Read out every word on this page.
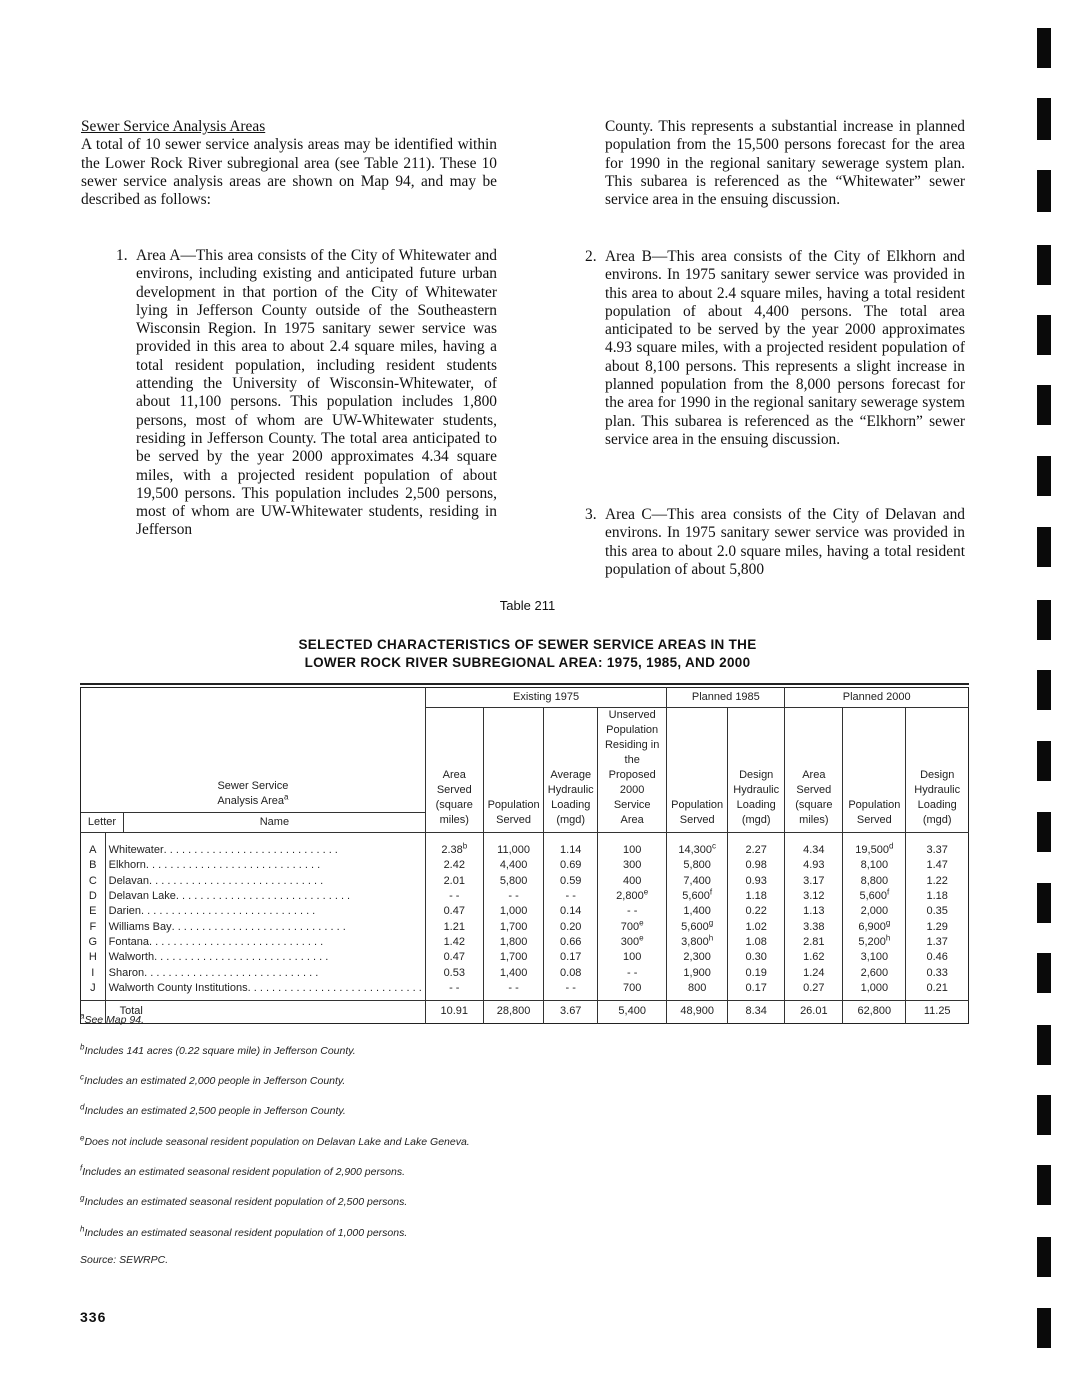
Sewer Service Analysis Areas
A total of 10 sewer service analysis areas may be identified within the Lower Rock River subregional area (see Table 211). These 10 sewer service analysis areas are shown on Map 94, and may be described as follows:
1. Area A—This area consists of the City of Whitewater and environs, including existing and anticipated future urban development in that portion of the City of Whitewater lying in Jefferson County outside of the Southeastern Wisconsin Region. In 1975 sanitary sewer service was provided in this area to about 2.4 square miles, having a total resident population, including resident students attending the University of Wisconsin-Whitewater, of about 11,100 persons. This population includes 1,800 persons, most of whom are UW-Whitewater students, residing in Jefferson County. The total area anticipated to be served by the year 2000 approximates 4.34 square miles, with a projected resident population of about 19,500 persons. This population includes 2,500 persons, most of whom are UW-Whitewater students, residing in Jefferson
County. This represents a substantial increase in planned population from the 15,500 persons forecast for the area for 1990 in the regional sanitary sewerage system plan. This subarea is referenced as the “Whitewater” sewer service area in the ensuing discussion.
2. Area B—This area consists of the City of Elkhorn and environs. In 1975 sanitary sewer service was provided in this area to about 2.4 square miles, having a total resident population of about 4,400 persons. The total area anticipated to be served by the year 2000 approximates 4.93 square miles, with a projected resident population of about 8,100 persons. This represents a slight increase in planned population from the 8,000 persons forecast for the area for 1990 in the regional sanitary sewerage system plan. This subarea is referenced as the “Elkhorn” sewer service area in the ensuing discussion.
3. Area C—This area consists of the City of Delavan and environs. In 1975 sanitary sewer service was provided in this area to about 2.0 square miles, having a total resident population of about 5,800
Table 211
SELECTED CHARACTERISTICS OF SEWER SERVICE AREAS IN THE
LOWER ROCK RIVER SUBREGIONAL AREA: 1975, 1985, AND 2000
		Existing 1975				Planned 1985		Planned 2000		
		Area Served (square miles)	Population Served	Average Hydraulic Loading (mgd)	Unserved Population Residing in the Proposed 2000 Service Area	Population Served	Design Hydraulic Loading (mgd)	Area Served (square miles)	Population Served	Design Hydraulic Loading (mgd)

Sewer Service
Analysis Area$^a$
Letter Name										

A	Whitewater . . . . . . . . . . . . . . . . . . . . . . . . . . . . .	2.38$^b$	11,000	1.14	100	14,300$^c$	2.27	4.34	19,500$^d$	3.37
B	Elkhorn . . . . . . . . . . . . . . . . . . . . . . . . . . . . .	2.42	4,400	0.69	300	5,800	0.98	4.93	8,100	1.47
C	Delavan . . . . . . . . . . . . . . . . . . . . . . . . . . . . .	2.01	5,800	0.59	400	7,400	0.93	3.17	8,800	1.22
D	Delavan Lake . . . . . . . . . . . . . . . . . . . . . . . . . . . . .	- -	- -	- -	2,800e	5,600$^f$	1.18	3.12	5,600$^f$	1.18
E	Darien . . . . . . . . . . . . . . . . . . . . . . . . . . . . .	0.47	1,000	0.14	- -	1,400	0.22	1.13	2,000	0.35
F	Williams Bay . . . . . . . . . . . . . . . . . . . . . . . . . . . . .	1.21	1,700	0.20	700e	5,600$^g$	1.02	3.38	6,900$^g$	1.29
G	Fontana . . . . . . . . . . . . . . . . . . . . . . . . . . . . .	1.42	1,800	0.66	300e	3,800$^h$	1.08	2.81	5,200$^h$	1.37
H	Walworth . . . . . . . . . . . . . . . . . . . . . . . . . . . . .	0.47	1,700	0.17	100	2,300	0.30	1.62	3,100	0.46
I	Sharon . . . . . . . . . . . . . . . . . . . . . . . . . . . . .	0.53	1,400	0.08	- -	1,900	0.19	1.24	2,600	0.33
J	Walworth County Institutions . . . . . . . . . . . . . . . . . . . . . . . . . . . . .	- -	- -	- -	700	800	0.17	0.27	1,000	0.21

	Total	10.91	28,800	3.67	5,400	48,900	8.34	26.01	62,800	11.25
$^a$See Map 94.
$^b$Includes 141 acres (0.22 square mile) in Jefferson County.
$^c$Includes an estimated 2,000 people in Jefferson County.
$^d$Includes an estimated 2,500 people in Jefferson County.
$^e$Does not include seasonal resident population on Delavan Lake and Lake Geneva.
$^f$Includes an estimated seasonal resident population of 2,900 persons.
$^g$Includes an estimated seasonal resident population of 2,500 persons.
$^h$Includes an estimated seasonal resident population of 1,000 persons.
Source: SEWRPC.
336
